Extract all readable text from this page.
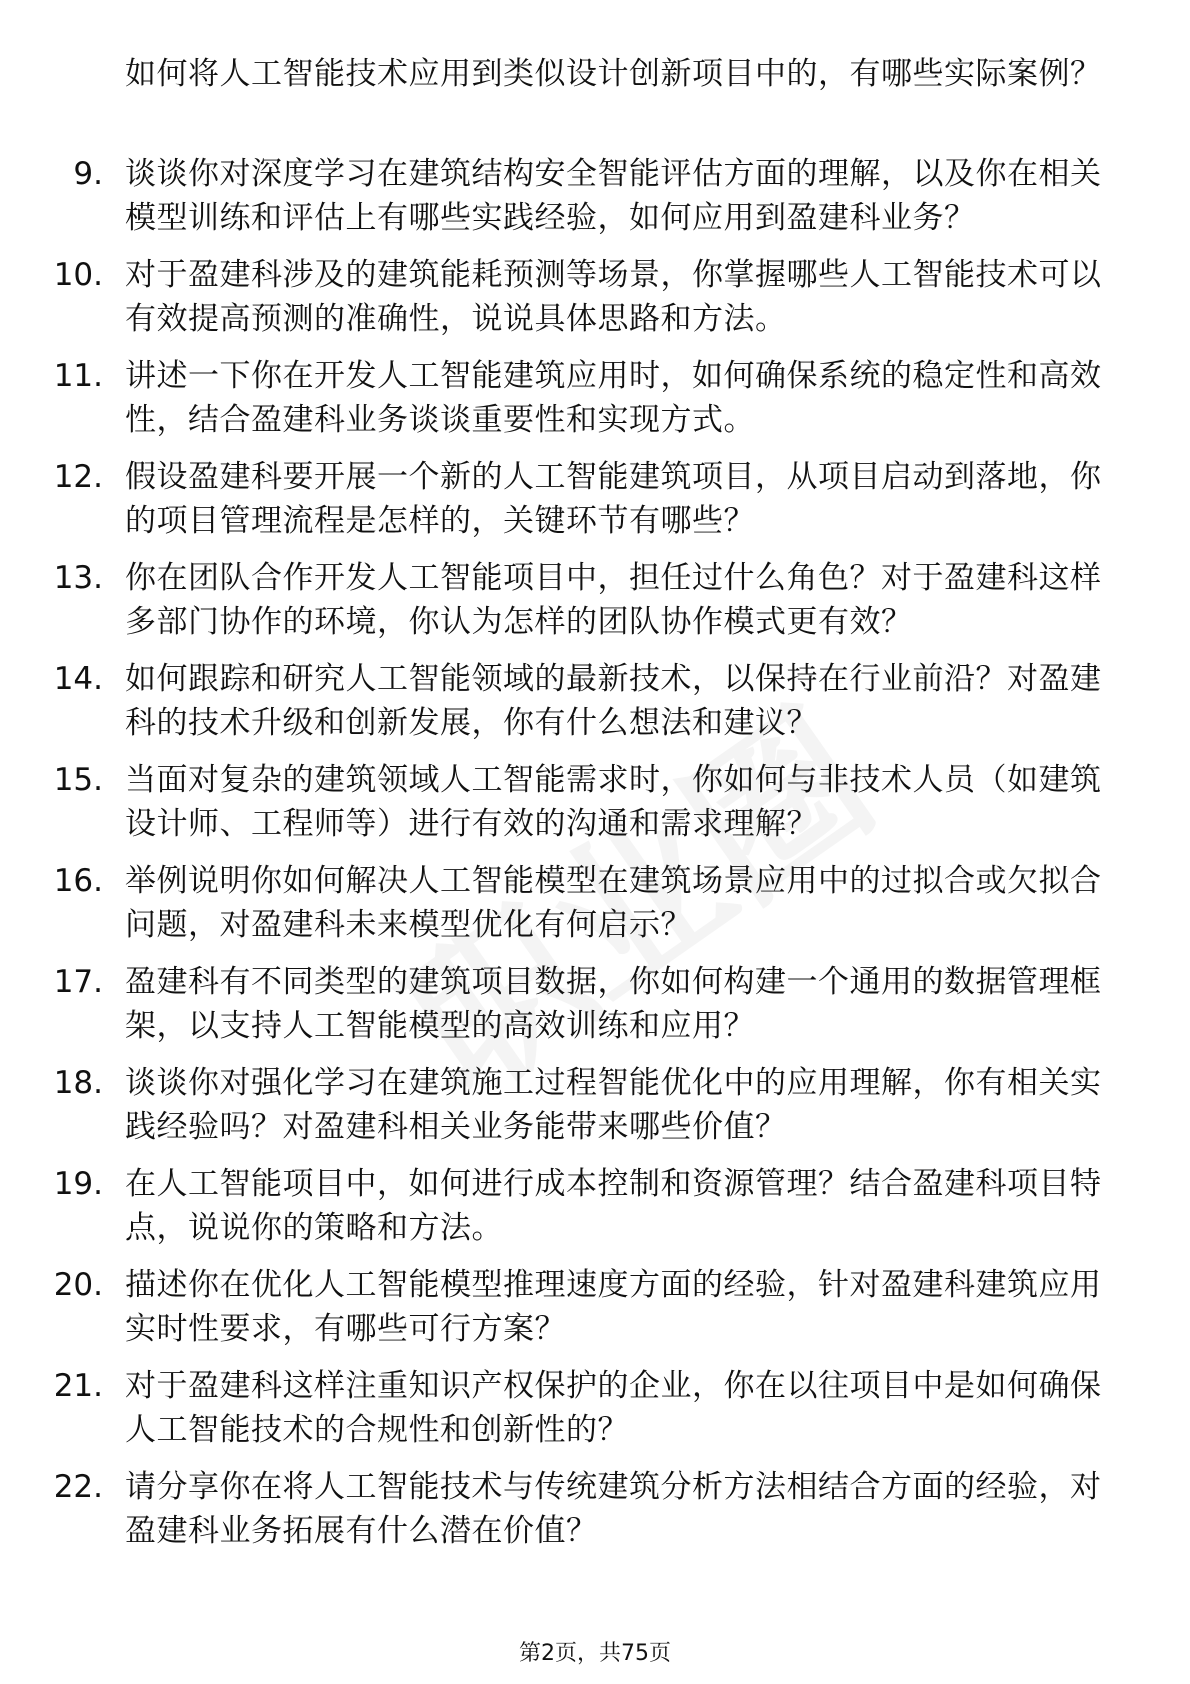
如何将人工智能技术应用到类似设计创新项目中的，有哪些实际案例？
9. 谈谈你对深度学习在建筑结构安全智能评估方面的理解，以及你在相关模型训练和评估上有哪些实践经验，如何应用到盈建科业务？
10. 对于盈建科涉及的建筑能耗预测等场景，你掌握哪些人工智能技术可以有效提高预测的准确性，说说具体思路和方法。
11. 讲述一下你在开发人工智能建筑应用时，如何确保系统的稳定性和高效性，结合盈建科业务谈谈重要性和实现方式。
12. 假设盈建科要开展一个新的人工智能建筑项目，从项目启动到落地，你的项目管理流程是怎样的，关键环节有哪些？
13. 你在团队合作开发人工智能项目中，担任过什么角色？对于盈建科这样多部门协作的环境，你认为怎样的团队协作模式更有效？
14. 如何跟踪和研究人工智能领域的最新技术，以保持在行业前沿？对盈建科的技术升级和创新发展，你有什么想法和建议？
15. 当面对复杂的建筑领域人工智能需求时，你如何与非技术人员（如建筑设计师、工程师等）进行有效的沟通和需求理解？
16. 举例说明你如何解决人工智能模型在建筑场景应用中的过拟合或欠拟合问题，对盈建科未来模型优化有何启示？
17. 盈建科有不同类型的建筑项目数据，你如何构建一个通用的数据管理框架，以支持人工智能模型的高效训练和应用？
18. 谈谈你对强化学习在建筑施工过程智能优化中的应用理解，你有相关实践经验吗？对盈建科相关业务能带来哪些价值？
19. 在人工智能项目中，如何进行成本控制和资源管理？结合盈建科项目特点，说说你的策略和方法。
20. 描述你在优化人工智能模型推理速度方面的经验，针对盈建科建筑应用实时性要求，有哪些可行方案？
21. 对于盈建科这样注重知识产权保护的企业，你在以往项目中是如何确保人工智能技术的合规性和创新性的？
22. 请分享你在将人工智能技术与传统建筑分析方法相结合方面的经验，对盈建科业务拓展有什么潜在价值？
第2页，共75页
